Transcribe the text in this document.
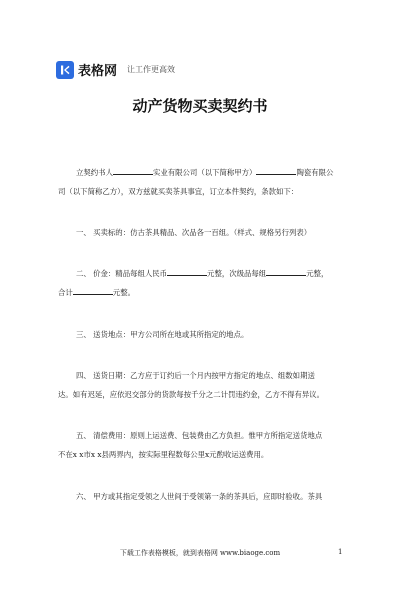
表格网 让工作更高效
动产货物买卖契约书
立契约书人	实业有限公司（以下简称甲方）	陶瓷有限公
司（以下简称乙方），双方兹就买卖茶具事宜，订立本件契约，条款如下：
一、 买卖标的：仿古茶具精品、次品各一百组。（样式、规格另行列表）
二、 价金：精品每组人民币	元整，次级品每组	元整，
合计	元整。
三、 送货地点：甲方公司所在地或其所指定的地点。
四、 送货日期：乙方应于订约后一个月内按甲方指定的地点、组数如期送
达。如有迟延，应依迟交部分的货款每按千分之二计罚违约金，乙方不得有异议。
五、 清偿费用：原则上运送费、包装费由乙方负担。惟甲方所指定送货地点
不在x x市x x县两界内，按实际里程数每公里x元酌收运送费用。
六、 甲方或其指定受领之人世间于受领第一条的茶具后，应即时验收。茶具
下载工作表格模板，就到表格网 www.biaoge.com	1
